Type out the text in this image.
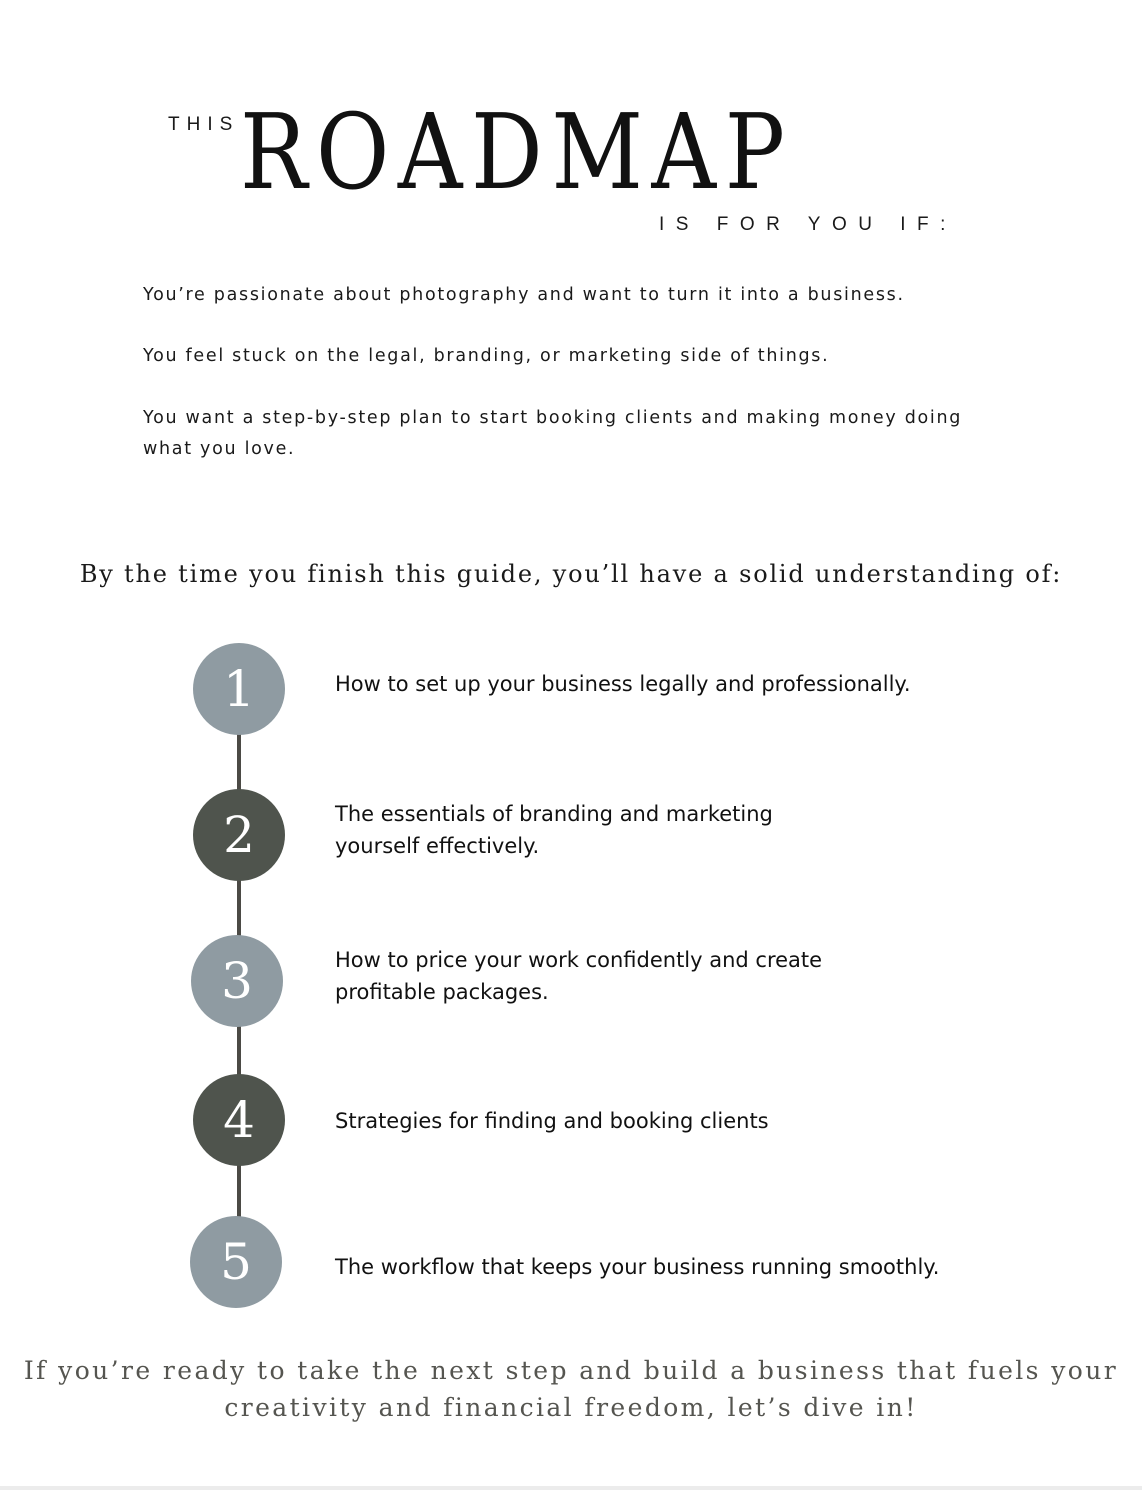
THIS ROADMAP
IS FOR YOU IF:

You’re passionate about photography and want to turn it into a business.

You feel stuck on the legal, branding, or marketing side of things.

You want a step-by-step plan to start booking clients and making money doing what you love.

By the time you finish this guide, you’ll have a solid understanding of:
1	How to set up your business legally and professionally.
2	The essentials of branding and marketing yourself effectively.
3	How to price your work confidently and create profitable packages.
4	Strategies for finding and booking clients
5	The workflow that keeps your business running smoothly.
If you’re ready to take the next step and build a business that fuels your creativity and financial freedom, let’s dive in!
